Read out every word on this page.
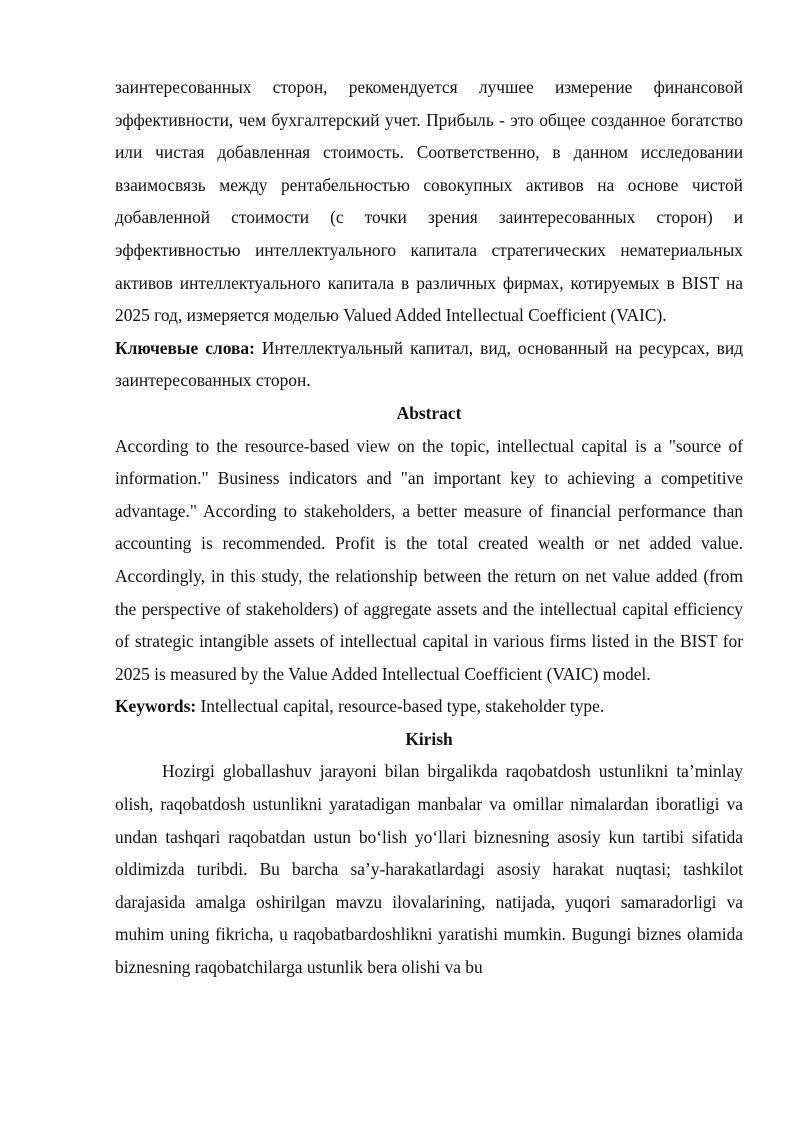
заинтересованных сторон, рекомендуется лучшее измерение финансовой эффективности, чем бухгалтерский учет. Прибыль - это общее созданное богатство или чистая добавленная стоимость. Соответственно, в данном исследовании взаимосвязь между рентабельностью совокупных активов на основе чистой добавленной стоимости (с точки зрения заинтересованных сторон) и эффективностью интеллектуального капитала стратегических нематериальных активов интеллектуального капитала в различных фирмах, котируемых в BIST на 2025 год, измеряется моделью Valued Added Intellectual Coefficient (VAIC).

Ключевые слова: Интеллектуальный капитал, вид, основанный на ресурсах, вид заинтересованных сторон.

Abstract

According to the resource-based view on the topic, intellectual capital is a "source of information." Business indicators and "an important key to achieving a competitive advantage." According to stakeholders, a better measure of financial performance than accounting is recommended. Profit is the total created wealth or net added value. Accordingly, in this study, the relationship between the return on net value added (from the perspective of stakeholders) of aggregate assets and the intellectual capital efficiency of strategic intangible assets of intellectual capital in various firms listed in the BIST for 2025 is measured by the Value Added Intellectual Coefficient (VAIC) model.

Keywords: Intellectual capital, resource-based type, stakeholder type.

Kirish

Hozirgi globallashuv jarayoni bilan birgalikda raqobatdosh ustunlikni ta’minlay olish, raqobatdosh ustunlikni yaratadigan manbalar va omillar nimalardan iboratligi va undan tashqari raqobatdan ustun boʻlish yoʻllari biznesning asosiy kun tartibi sifatida oldimizda turibdi. Bu barcha sa’y-harakatlardagi asosiy harakat nuqtasi; tashkilot darajasida amalga oshirilgan mavzu ilovalarining, natijada, yuqori samaradorligi va muhim uning fikricha, u raqobatbardoshlikni yaratishi mumkin. Bugungi biznes olamida biznesning raqobatchilarga ustunlik bera olishi va bu
